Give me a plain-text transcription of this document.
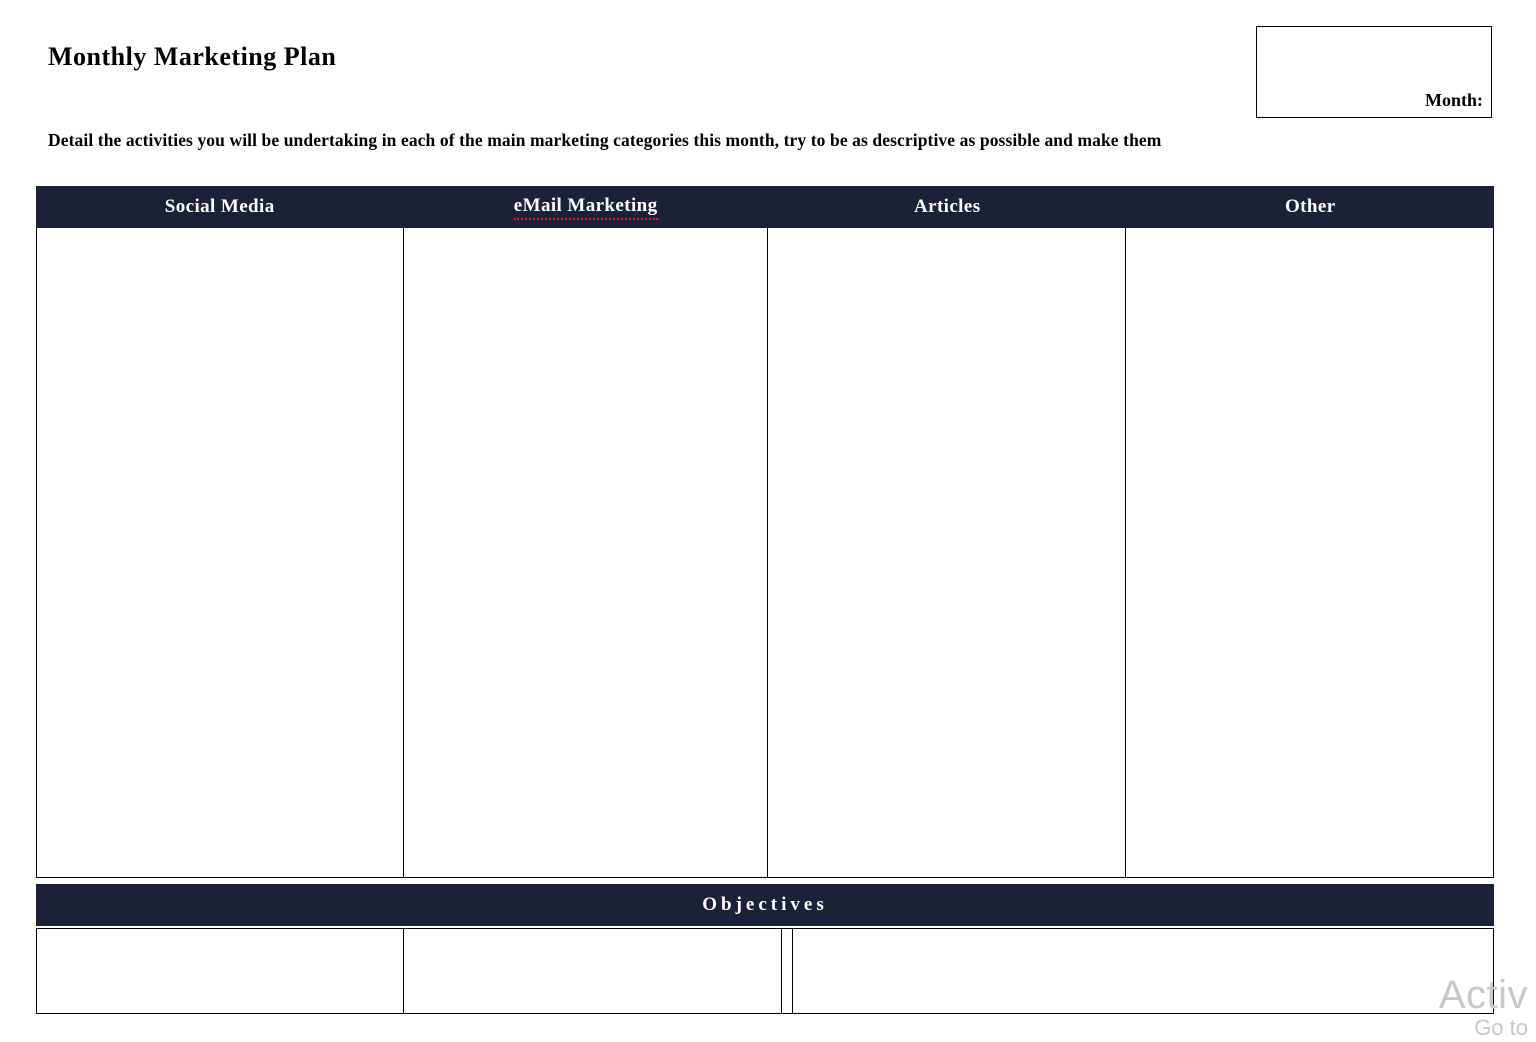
Monthly Marketing Plan
Month:
Detail the activities you will be undertaking in each of the main marketing categories this month, try to be as descriptive as possible and make them
Social Media	eMail Marketing	Articles	Other
Objectives
Activ
Go to
